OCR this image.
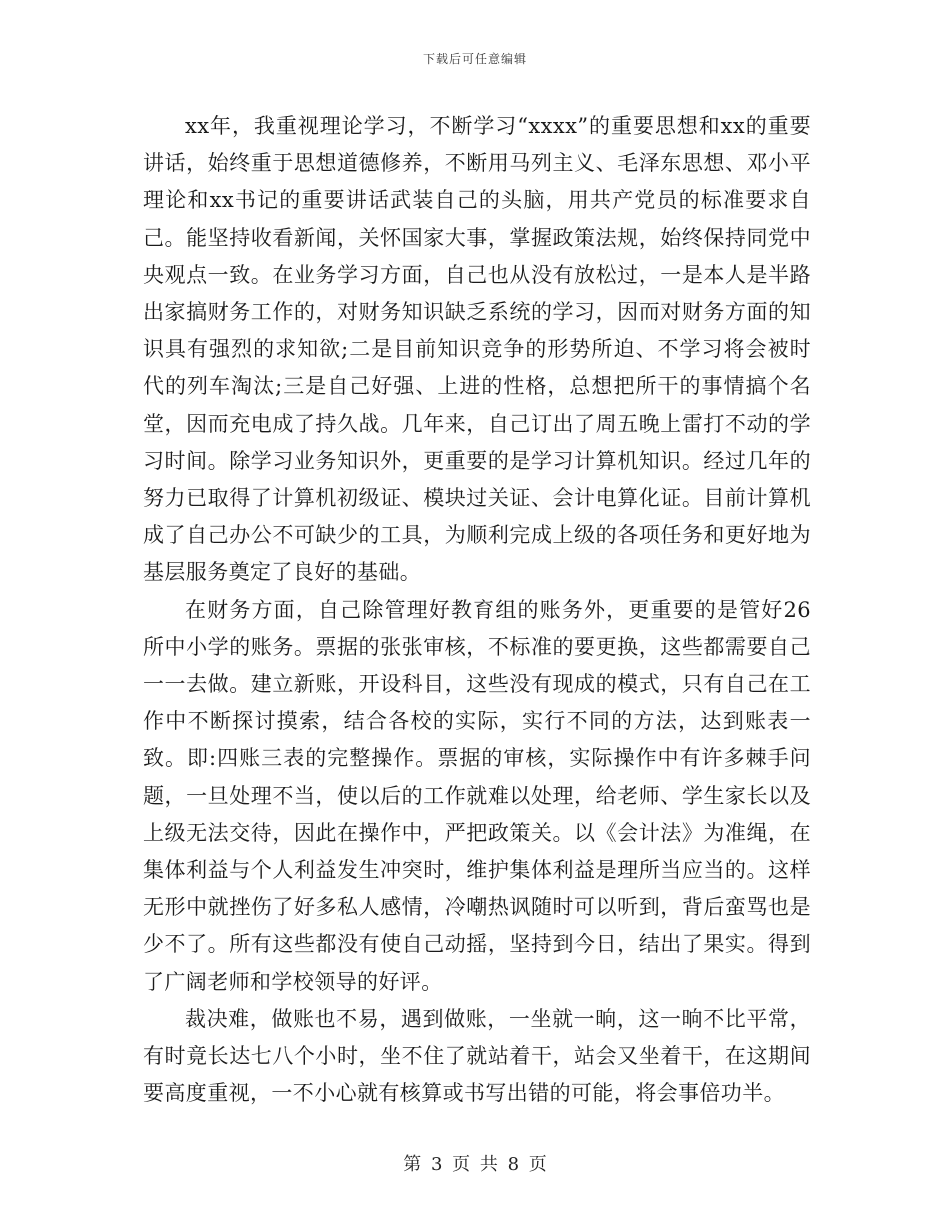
下载后可任意编辑

xx年，我重视理论学习，不断学习“xxxx”的重要思想和xx的重要讲话，始终重于思想道德修养，不断用马列主义、毛泽东思想、邓小平理论和xx书记的重要讲话武装自己的头脑，用共产党员的标准要求自己。能坚持收看新闻，关怀国家大事，掌握政策法规，始终保持同党中央观点一致。在业务学习方面，自己也从没有放松过，一是本人是半路出家搞财务工作的，对财务知识缺乏系统的学习，因而对财务方面的知识具有强烈的求知欲;二是目前知识竞争的形势所迫、不学习将会被时代的列车淘汰;三是自己好强、上进的性格，总想把所干的事情搞个名堂，因而充电成了持久战。几年来，自己订出了周五晚上雷打不动的学习时间。除学习业务知识外，更重要的是学习计算机知识。经过几年的努力已取得了计算机初级证、模块过关证、会计电算化证。目前计算机成了自己办公不可缺少的工具，为顺利完成上级的各项任务和更好地为基层服务奠定了良好的基础。

在财务方面，自己除管理好教育组的账务外，更重要的是管好26所中小学的账务。票据的张张审核，不标准的要更换，这些都需要自己一一去做。建立新账，开设科目，这些没有现成的模式，只有自己在工作中不断探讨摸索，结合各校的实际，实行不同的方法，达到账表一致。即:四账三表的完整操作。票据的审核，实际操作中有许多棘手问题，一旦处理不当，使以后的工作就难以处理，给老师、学生家长以及上级无法交待，因此在操作中，严把政策关。以《会计法》为准绳，在集体利益与个人利益发生冲突时，维护集体利益是理所当应当的。这样无形中就挫伤了好多私人感情，冷嘲热讽随时可以听到，背后蛮骂也是少不了。所有这些都没有使自己动摇，坚持到今日，结出了果实。得到了广阔老师和学校领导的好评。

裁决难，做账也不易，遇到做账，一坐就一晌，这一晌不比平常，有时竟长达七八个小时，坐不住了就站着干，站会又坐着干，在这期间要高度重视，一不小心就有核算或书写出错的可能，将会事倍功半。

第 3 页 共 8 页
